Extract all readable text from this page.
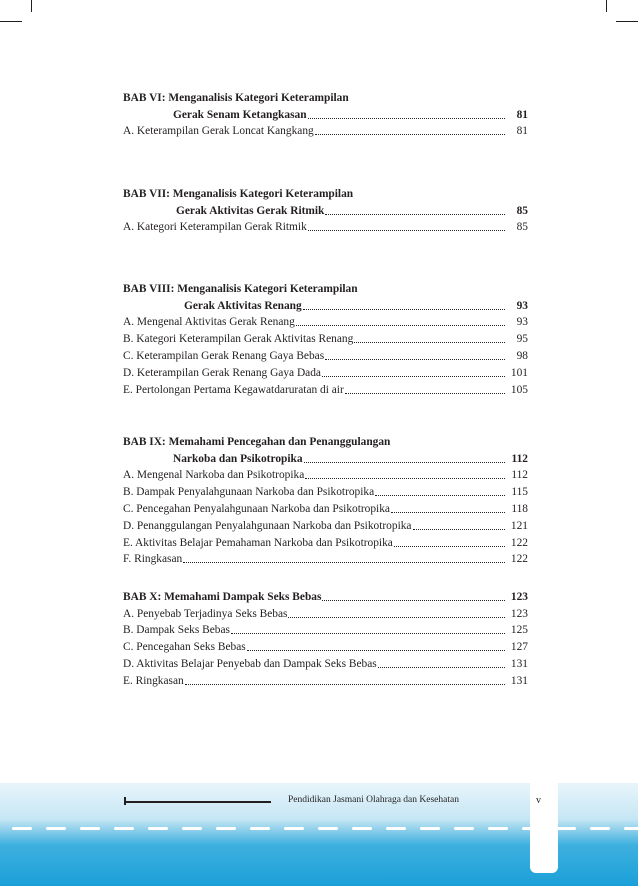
BAB VI: Menganalisis Kategori Keterampilan
Gerak Senam Ketangkasan	81
A. Keterampilan Gerak Loncat Kangkang	81
BAB VII: Menganalisis Kategori Keterampilan
Gerak Aktivitas Gerak Ritmik	85
A. Kategori Keterampilan Gerak Ritmik	85
BAB VIII: Menganalisis Kategori Keterampilan
Gerak Aktivitas Renang	93
A. Mengenal Aktivitas Gerak Renang	93
B. Kategori Keterampilan Gerak Aktivitas Renang	95
C. Keterampilan Gerak Renang Gaya Bebas	98
D. Keterampilan Gerak Renang Gaya Dada	101
E. Pertolongan Pertama Kegawatdaruratan di air	105
BAB IX: Memahami Pencegahan dan Penanggulangan
Narkoba dan Psikotropika	112
A. Mengenal Narkoba dan Psikotropika	112
B. Dampak Penyalahgunaan Narkoba dan Psikotropika	115
C. Pencegahan Penyalahgunaan Narkoba dan Psikotropika	118
D. Penanggulangan Penyalahgunaan Narkoba dan Psikotropika	121
E. Aktivitas Belajar Pemahaman Narkoba dan Psikotropika	122
F. Ringkasan	122
BAB X: Memahami Dampak Seks Bebas	123
A. Penyebab Terjadinya Seks Bebas	123
B. Dampak Seks Bebas	125
C. Pencegahan Seks Bebas	127
D. Aktivitas Belajar Penyebab dan Dampak Seks Bebas	131
E. Ringkasan	131
Pendidikan Jasmani Olahraga dan Kesehatan	v
